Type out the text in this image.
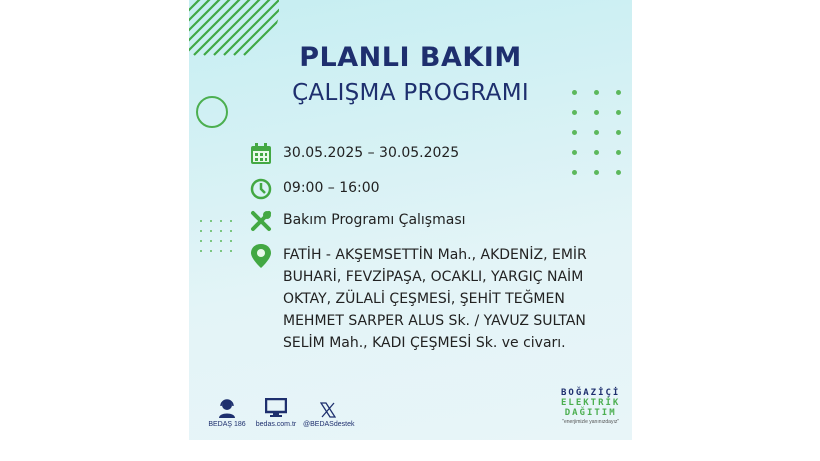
PLANLI BAKIM
ÇALIŞMA PROGRAMI
30.05.2025 – 30.05.2025
09:00 – 16:00
Bakım Programı Çalışması
FATİH - AKŞEMSETTİN Mah., AKDENİZ, EMİR BUHARİ, FEVZİPAŞA, OCAKLI, YARGIÇ NAİM OKTAY, ZÜLALİ ÇEŞMESİ, ŞEHİT TEĞMEN MEHMET SARPER ALUS Sk. / YAVUZ SULTAN SELİM Mah., KADI ÇEŞMESİ Sk. ve civarı.
BEDAŞ 186 bedas.com.tr @BEDASdestek
BOĞAZİÇİ
ELEKTRİK
DAĞITIM
"enerjimizle yanınızdayız"
